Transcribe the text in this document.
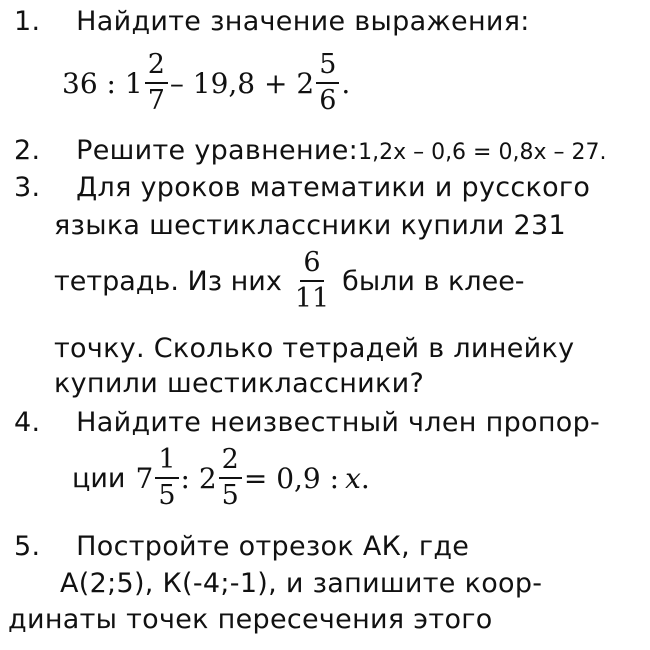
1. Найдите значение выражения:
36 : $1 \frac{2}{7} - 19,8 + 2 \frac{5}{6}$ .
2. Решите уравнение:1,2x – 0,6 = 0,8x – 27.
3. Для уроков математики и русского
языка шестиклассники купили 231
тетрадь. Из них $\frac{6}{11}$ были в клее-
точку. Сколько тетрадей в линейку
купили шестиклассники?
4. Найдите неизвестный член пропор-
ции $7 \frac{1}{5}$ : $2 \frac{2}{5} = 0,9$ : x .
5. Постройте отрезок АК, где
А(2;5), К(-4;-1), и запишите коор-
динаты точек пересечения этого
